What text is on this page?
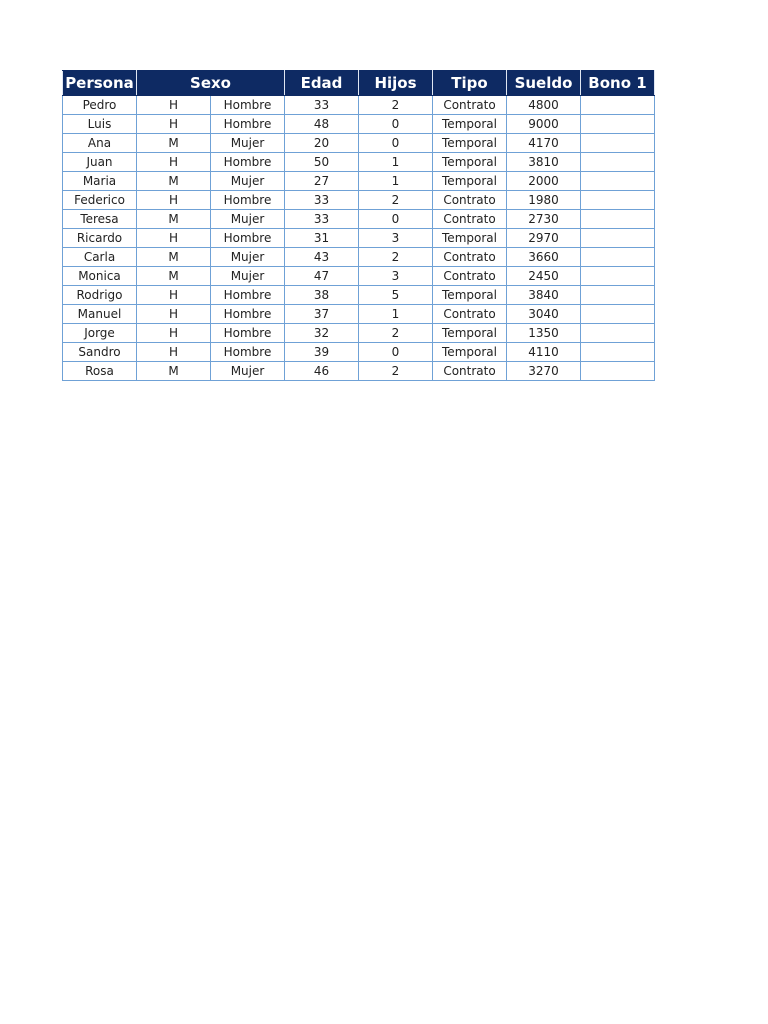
Persona	Sexo		Edad	Hijos	Tipo	Sueldo	Bono 1
Pedro	H	Hombre	33	2	Contrato	4800	
Luis	H	Hombre	48	0	Temporal	9000	
Ana	M	Mujer	20	0	Temporal	4170	
Juan	H	Hombre	50	1	Temporal	3810	
Maria	M	Mujer	27	1	Temporal	2000	
Federico	H	Hombre	33	2	Contrato	1980	
Teresa	M	Mujer	33	0	Contrato	2730	
Ricardo	H	Hombre	31	3	Temporal	2970	
Carla	M	Mujer	43	2	Contrato	3660	
Monica	M	Mujer	47	3	Contrato	2450	
Rodrigo	H	Hombre	38	5	Temporal	3840	
Manuel	H	Hombre	37	1	Contrato	3040	
Jorge	H	Hombre	32	2	Temporal	1350	
Sandro	H	Hombre	39	0	Temporal	4110	
Rosa	M	Mujer	46	2	Contrato	3270	
